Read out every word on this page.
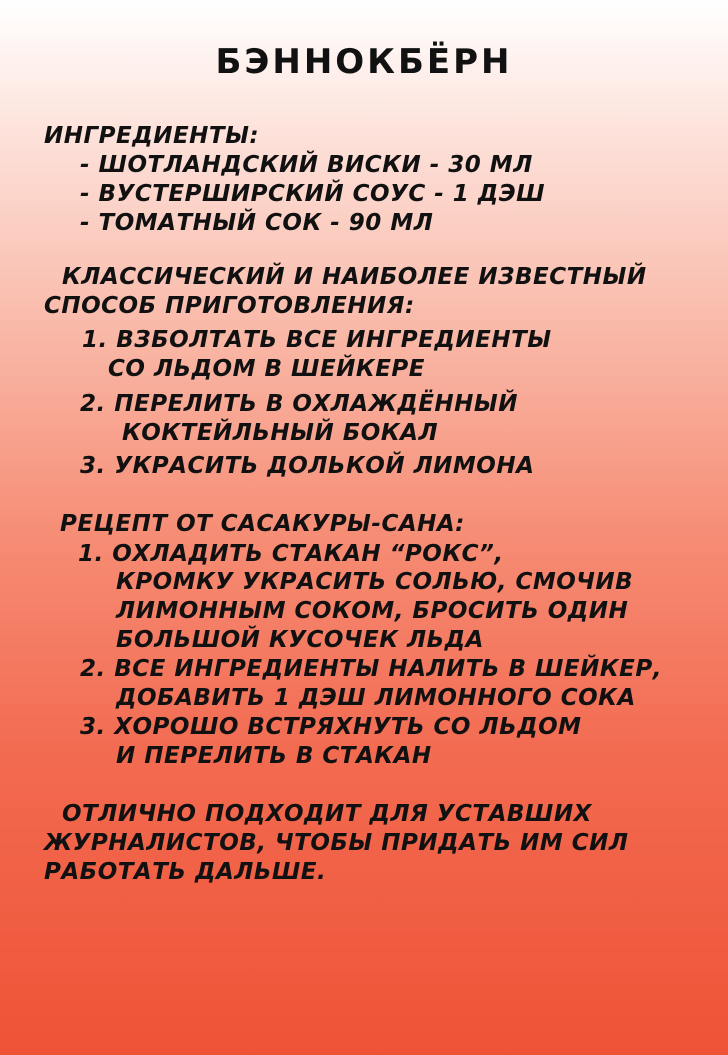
БЭННОКБЁРН
ИНГРЕДИЕНТЫ:
- ШОТЛАНДСКИЙ ВИСКИ - 30 МЛ
- ВУСТЕРШИРСКИЙ СОУС - 1 ДЭШ
- ТОМАТНЫЙ СОК - 90 МЛ
КЛАССИЧЕСКИЙ И НАИБОЛЕЕ ИЗВЕСТНЫЙ
СПОСОБ ПРИГОТОВЛЕНИЯ:
1. ВЗБОЛТАТЬ ВСЕ ИНГРЕДИЕНТЫ
СО ЛЬДОМ В ШЕЙКЕРЕ
2. ПЕРЕЛИТЬ В ОХЛАЖДЁННЫЙ
КОКТЕЙЛЬНЫЙ БОКАЛ
3. УКРАСИТЬ ДОЛЬКОЙ ЛИМОНА
РЕЦЕПТ ОТ САСАКУРЫ-САНА:
1. ОХЛАДИТЬ СТАКАН “РОКС”,
КРОМКУ УКРАСИТЬ СОЛЬЮ, СМОЧИВ
ЛИМОННЫМ СОКОМ, БРОСИТЬ ОДИН
БОЛЬШОЙ КУСОЧЕК ЛЬДА
2. ВСЕ ИНГРЕДИЕНТЫ НАЛИТЬ В ШЕЙКЕР,
ДОБАВИТЬ 1 ДЭШ ЛИМОННОГО СОКА
3. ХОРОШО ВСТРЯХНУТЬ СО ЛЬДОМ
И ПЕРЕЛИТЬ В СТАКАН
ОТЛИЧНО ПОДХОДИТ ДЛЯ УСТАВШИХ
ЖУРНАЛИСТОВ, ЧТОБЫ ПРИДАТЬ ИМ СИЛ
РАБОТАТЬ ДАЛЬШЕ.
